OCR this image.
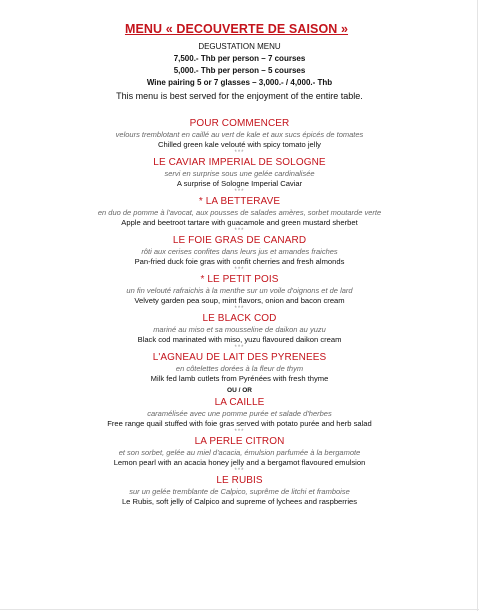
MENU « DECOUVERTE DE SAISON »
DEGUSTATION MENU
7,500.- Thb per person – 7 courses
5,000.- Thb per person – 5 courses
Wine pairing 5 or 7 glasses – 3,000.- / 4,000.- Thb
This menu is best served for the enjoyment of the entire table.
POUR COMMENCER
velours tremblotant en caillé au vert de kale et aux sucs épicés de tomates
Chilled green kale velouté with spicy tomato jelly
***
LE CAVIAR IMPERIAL DE SOLOGNE
servi en surprise sous une gelée cardinalisée
A surprise of Sologne Imperial Caviar
***
* LA BETTERAVE
en duo de pomme à l'avocat, aux pousses de salades amères, sorbet moutarde verte
Apple and beetroot tartare with guacamole and green mustard sherbet
***
LE FOIE GRAS DE CANARD
rôti aux cerises confites dans leurs jus et amandes fraiches
Pan-fried duck foie gras with confit cherries and fresh almonds
***
* LE PETIT POIS
un fin velouté rafraichis à la menthe sur un voile d'oignons et de lard
Velvety garden pea soup, mint flavors, onion and bacon cream
***
LE BLACK COD
mariné au miso et sa mousseline de daikon au yuzu
Black cod marinated with miso, yuzu flavoured daikon cream
***
L'AGNEAU DE LAIT DES PYRENEES
en côtelettes dorées à la fleur de thym
Milk fed lamb cutlets from Pyrénées with fresh thyme
OU / OR
LA CAILLE
caramélisée avec une pomme purée et salade d'herbes
Free range quail stuffed with foie gras served with potato purée and herb salad
***
LA PERLE CITRON
et son sorbet, gelée au miel d'acacia, émulsion parfumée à la bergamote
Lemon pearl with an acacia honey jelly and a bergamot flavoured emulsion
***
LE RUBIS
sur un gelée tremblante de Calpico, suprême de litchi et framboise
Le Rubis, soft jelly of Calpico and supreme of lychees and raspberries
